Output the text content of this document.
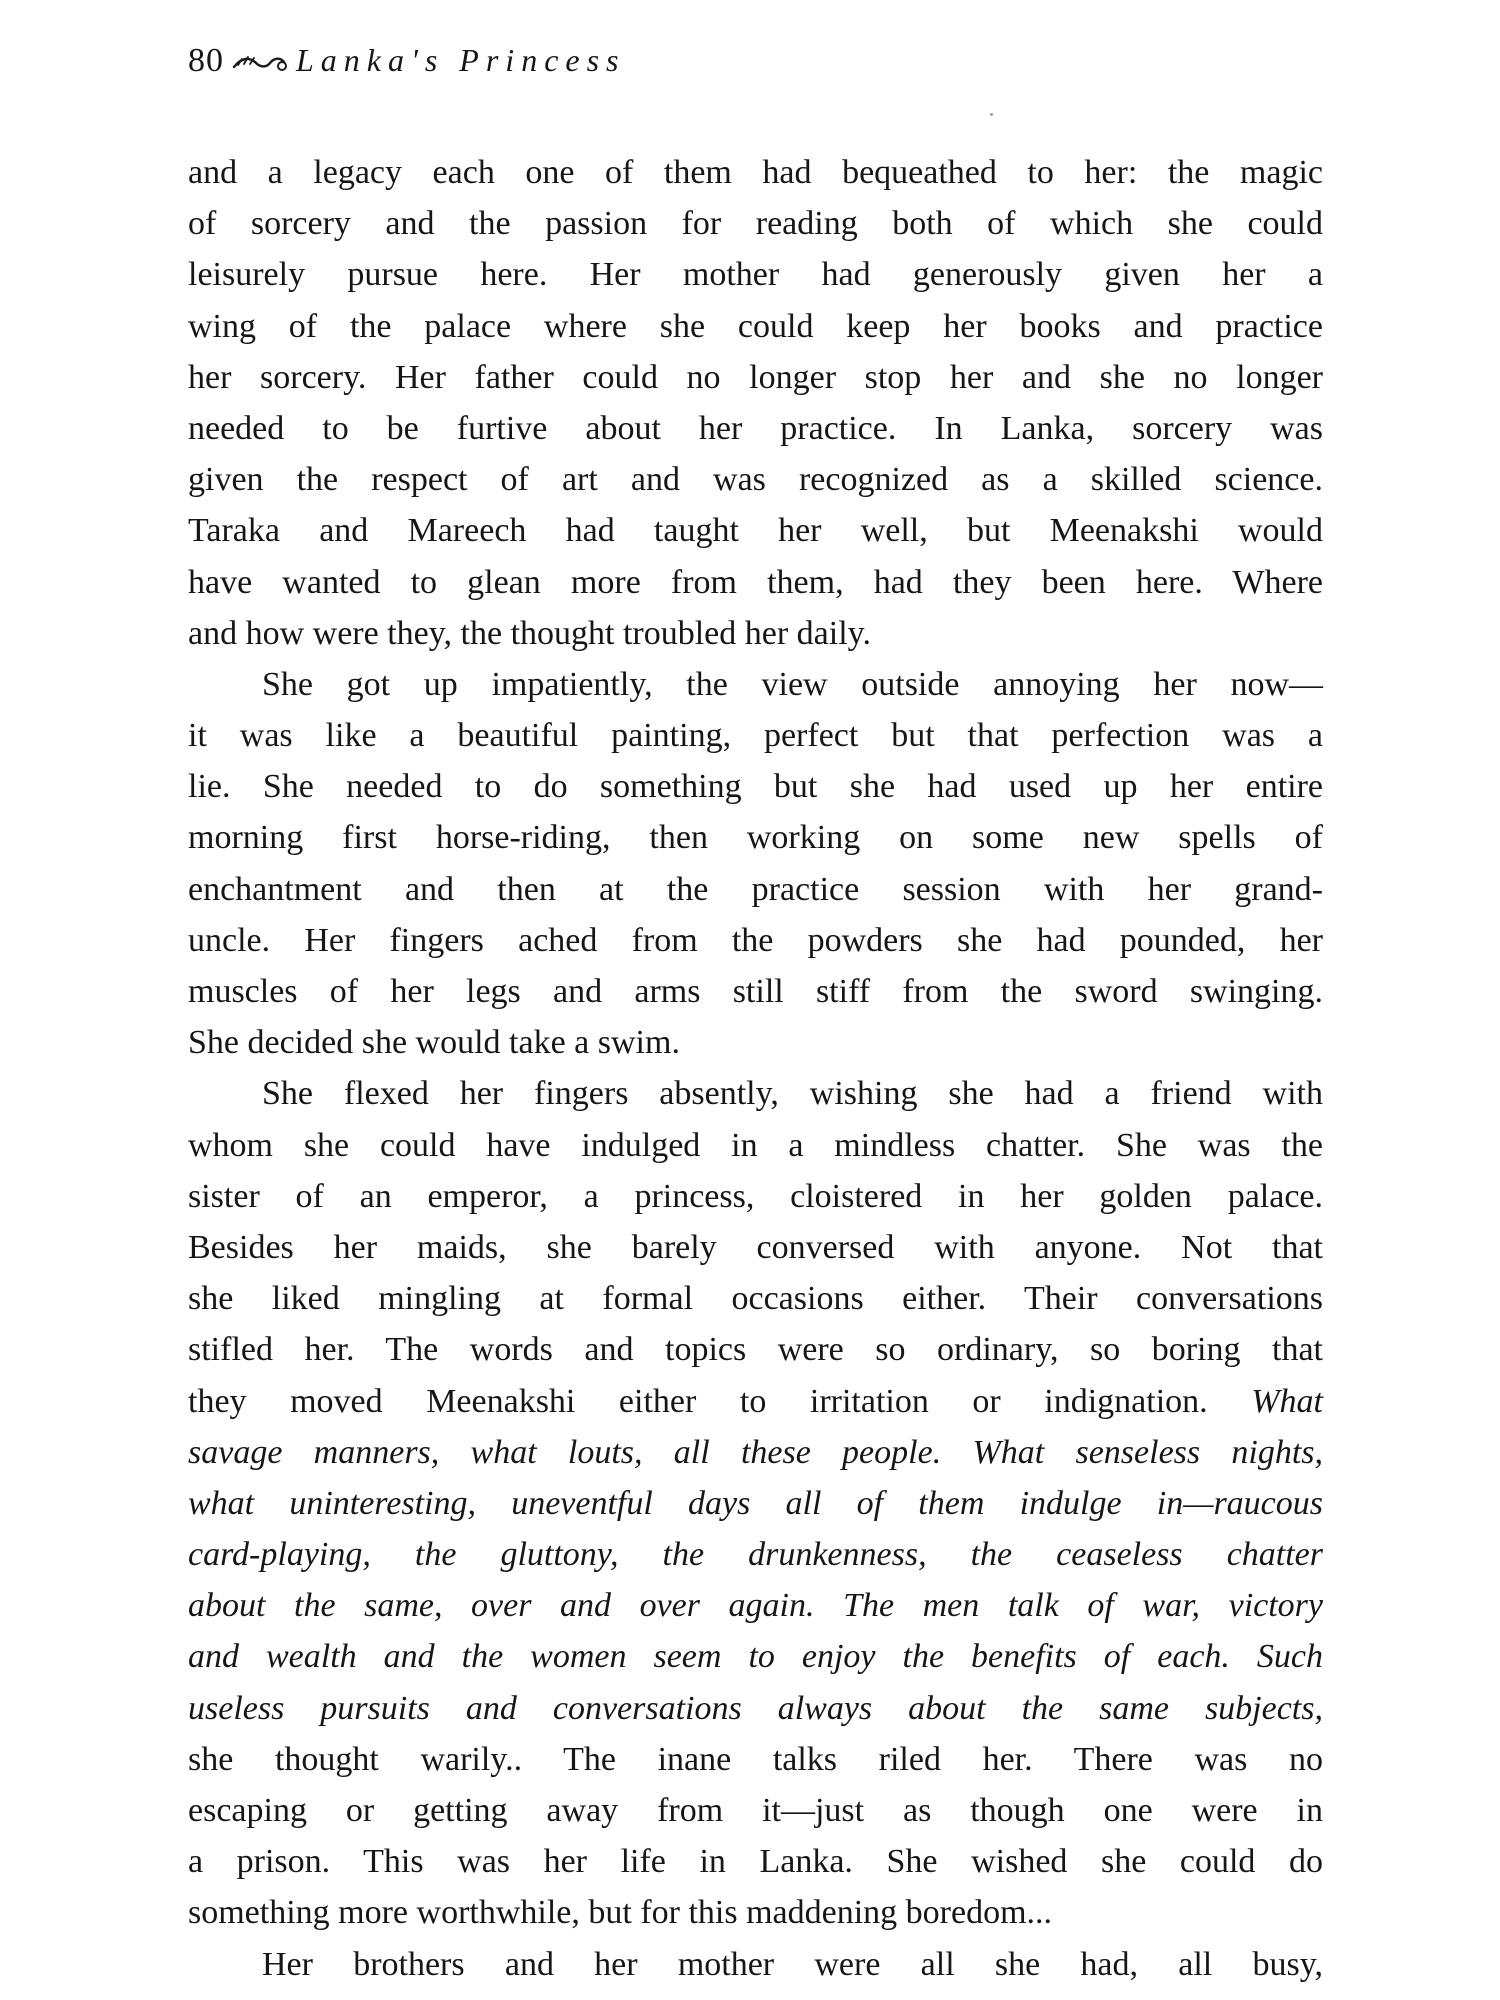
80 Lanka's Princess
and a legacy each one of them had bequeathed to her: the magic
of sorcery and the passion for reading both of which she could
leisurely pursue here. Her mother had generously given her a
wing of the palace where she could keep her books and practice
her sorcery. Her father could no longer stop her and she no longer
needed to be furtive about her practice. In Lanka, sorcery was
given the respect of art and was recognized as a skilled science.
Taraka and Mareech had taught her well, but Meenakshi would
have wanted to glean more from them, had they been here. Where
and how were they, the thought troubled her daily.
She got up impatiently, the view outside annoying her now—
it was like a beautiful painting, perfect but that perfection was a
lie. She needed to do something but she had used up her entire
morning first horse-riding, then working on some new spells of
enchantment and then at the practice session with her grand-
uncle. Her fingers ached from the powders she had pounded, her
muscles of her legs and arms still stiff from the sword swinging.
She decided she would take a swim.
She flexed her fingers absently, wishing she had a friend with
whom she could have indulged in a mindless chatter. She was the
sister of an emperor, a princess, cloistered in her golden palace.
Besides her maids, she barely conversed with anyone. Not that
she liked mingling at formal occasions either. Their conversations
stifled her. The words and topics were so ordinary, so boring that
they moved Meenakshi either to irritation or indignation. What
savage manners, what louts, all these people. What senseless nights,
what uninteresting, uneventful days all of them indulge in—raucous
card-playing, the gluttony, the drunkenness, the ceaseless chatter
about the same, over and over again. The men talk of war, victory
and wealth and the women seem to enjoy the benefits of each. Such
useless pursuits and conversations always about the same subjects,
she thought warily.. The inane talks riled her. There was no
escaping or getting away from it—just as though one were in
a prison. This was her life in Lanka. She wished she could do
something more worthwhile, but for this maddening boredom...
Her brothers and her mother were all she had, all busy,
